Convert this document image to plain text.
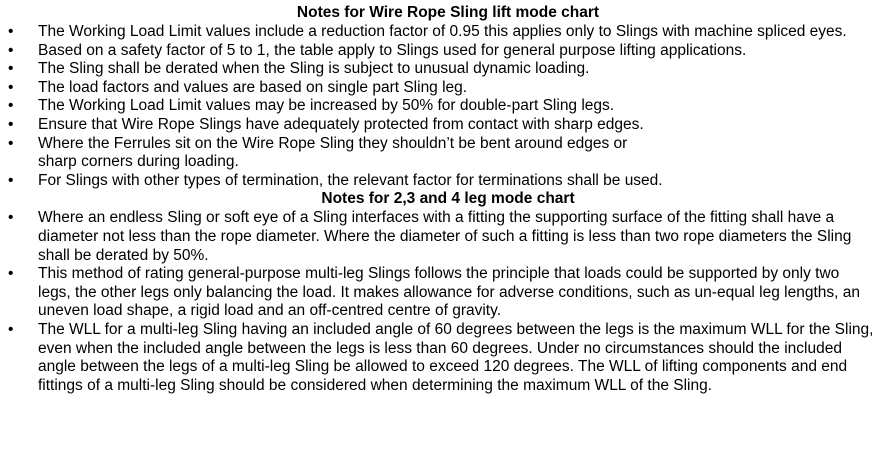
Notes for Wire Rope Sling lift mode chart
• The Working Load Limit values include a reduction factor of 0.95 this applies only to Slings with machine spliced eyes.
• Based on a safety factor of 5 to 1, the table apply to Slings used for general purpose lifting applications.
• The Sling shall be derated when the Sling is subject to unusual dynamic loading.
• The load factors and values are based on single part Sling leg.
• The Working Load Limit values may be increased by 50% for double-part Sling legs.
• Ensure that Wire Rope Slings have adequately protected from contact with sharp edges.
• Where the Ferrules sit on the Wire Rope Sling they shouldn’t be bent around edges or
sharp corners during loading.
• For Slings with other types of termination, the relevant factor for terminations shall be used.
Notes for 2,3 and 4 leg mode chart
• Where an endless Sling or soft eye of a Sling interfaces with a fitting the supporting surface of the fitting shall have a diameter not less than the rope diameter. Where the diameter of such a fitting is less than two rope diameters the Sling shall be derated by 50%.
• This method of rating general-purpose multi-leg Slings follows the principle that loads could be supported by only two legs, the other legs only balancing the load. It makes allowance for adverse conditions, such as un-equal leg lengths, an uneven load shape, a rigid load and an off-centred centre of gravity.
• The WLL for a multi-leg Sling having an included angle of 60 degrees between the legs is the maximum WLL for the Sling, even when the included angle between the legs is less than 60 degrees. Under no circumstances should the included angle between the legs of a multi-leg Sling be allowed to exceed 120 degrees. The WLL of lifting components and end fittings of a multi-leg Sling should be considered when determining the maximum WLL of the Sling.
